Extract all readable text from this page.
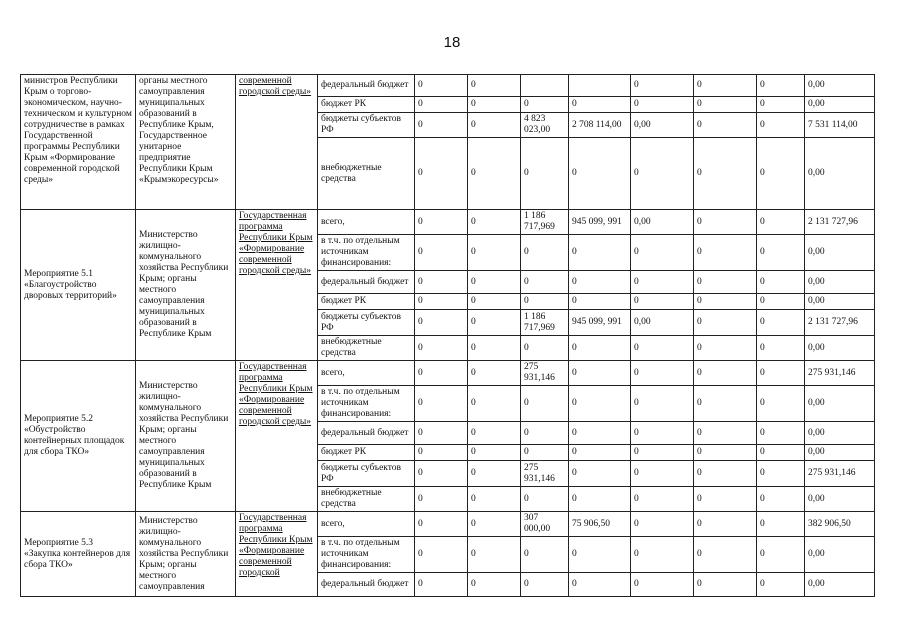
18
министров Республики Крым о торгово-экономическом, научно-техническом и культурном сотрудничестве в рамках Государственной программы Республики Крым «Формирование современной городской среды»	органы местного самоуправления муниципальных образований в Республике Крым, Государственное унитарное предприятие Республики Крым «Крымэкоресурсы»	современной городской среды»	федеральный бюджет	0	0			0	0	0	0,00
			бюджет РК	0	0	0	0	0	0	0	0,00
			бюджеты субъектов РФ	0	0	4 823 023,00	2 708 114,00	0,00	0	0	7 531 114,00
			внебюджетные средства	0	0	0	0	0	0	0	0,00
Мероприятие 5.1 «Благоустройство дворовых территорий»	Министерство жилищно-коммунального хозяйства Республики Крым; органы местного самоуправления муниципальных образований в Республике Крым	Государственная программа Республики Крым «Формирование современной городской среды»	всего,	0	0	1 186 717,969	945 099, 991	0,00	0	0	2 131 727,96
			в т.ч. по отдельным источникам финансирования:	0	0	0	0	0	0	0	0,00
			федеральный бюджет	0	0	0	0	0	0	0	0,00
			бюджет РК	0	0	0	0	0	0	0	0,00
			бюджеты субъектов РФ	0	0	1 186 717,969	945 099, 991	0,00	0	0	2 131 727,96
			внебюджетные средства	0	0	0	0	0	0	0	0,00
Мероприятие 5.2 «Обустройство контейнерных площадок для сбора ТКО»	Министерство жилищно-коммунального хозяйства Республики Крым; органы местного самоуправления муниципальных образований в Республике Крым	Государственная программа Республики Крым «Формирование современной городской среды»	всего,	0	0	275 931,146	0	0	0	0	275 931,146
			в т.ч. по отдельным источникам финансирования:	0	0	0	0	0	0	0	0,00
			федеральный бюджет	0	0	0	0	0	0	0	0,00
			бюджет РК	0	0	0	0	0	0	0	0,00
			бюджеты субъектов РФ	0	0	275 931,146	0	0	0	0	275 931,146
			внебюджетные средства	0	0	0	0	0	0	0	0,00
Мероприятие 5.3 «Закупка контейнеров для сбора ТКО»	Министерство жилищно-коммунального хозяйства Республики Крым; органы местного самоуправления	Государственная программа Республики Крым «Формирование современной городской	всего,	0	0	307 000,00	75 906,50	0	0	0	382 906,50
			в т.ч. по отдельным источникам финансирования:	0	0	0	0	0	0	0	0,00
			федеральный бюджет	0	0	0	0	0	0	0	0,00
